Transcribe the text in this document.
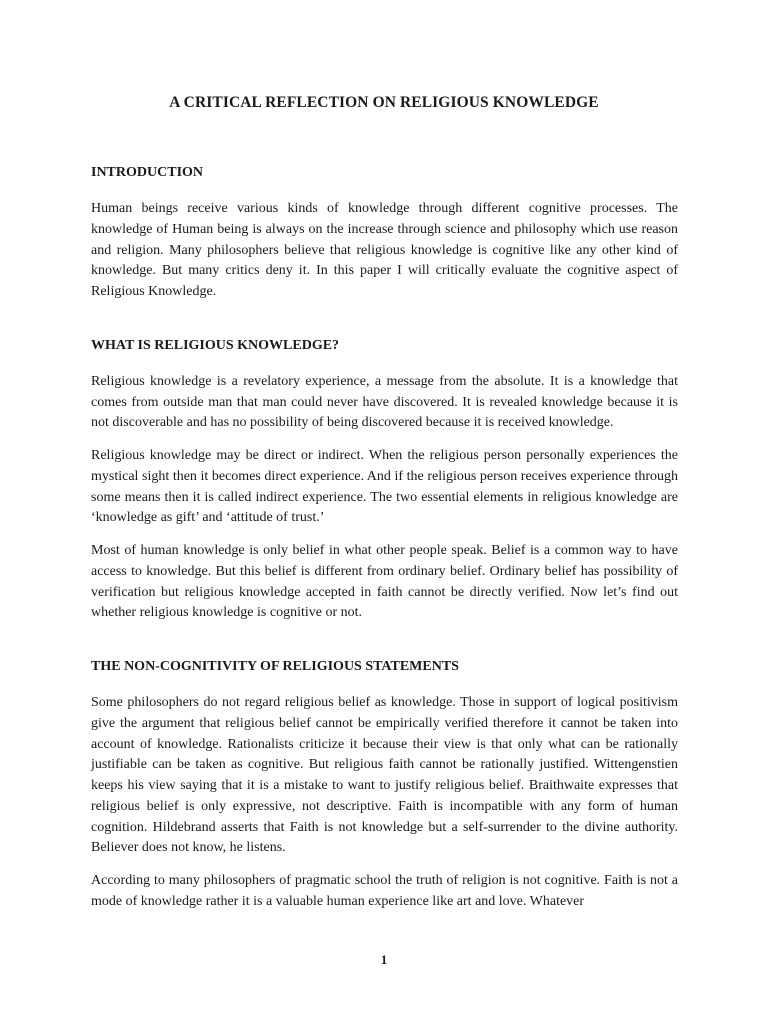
A CRITICAL REFLECTION ON RELIGIOUS KNOWLEDGE
INTRODUCTION

Human beings receive various kinds of knowledge through different cognitive processes. The knowledge of Human being is always on the increase through science and philosophy which use reason and religion. Many philosophers believe that religious knowledge is cognitive like any other kind of knowledge. But many critics deny it. In this paper I will critically evaluate the cognitive aspect of Religious Knowledge.

WHAT IS RELIGIOUS KNOWLEDGE?

Religious knowledge is a revelatory experience, a message from the absolute. It is a knowledge that comes from outside man that man could never have discovered. It is revealed knowledge because it is not discoverable and has no possibility of being discovered because it is received knowledge.

Religious knowledge may be direct or indirect. When the religious person personally experiences the mystical sight then it becomes direct experience. And if the religious person receives experience through some means then it is called indirect experience. The two essential elements in religious knowledge are ‘knowledge as gift’ and ‘attitude of trust.’

Most of human knowledge is only belief in what other people speak. Belief is a common way to have access to knowledge. But this belief is different from ordinary belief. Ordinary belief has possibility of verification but religious knowledge accepted in faith cannot be directly verified. Now let’s find out whether religious knowledge is cognitive or not.

THE NON-COGNITIVITY OF RELIGIOUS STATEMENTS

Some philosophers do not regard religious belief as knowledge. Those in support of logical positivism give the argument that religious belief cannot be empirically verified therefore it cannot be taken into account of knowledge. Rationalists criticize it because their view is that only what can be rationally justifiable can be taken as cognitive. But religious faith cannot be rationally justified. Wittengenstien keeps his view saying that it is a mistake to want to justify religious belief. Braithwaite expresses that religious belief is only expressive, not descriptive. Faith is incompatible with any form of human cognition. Hildebrand asserts that Faith is not knowledge but a self-surrender to the divine authority. Believer does not know, he listens.

According to many philosophers of pragmatic school the truth of religion is not cognitive. Faith is not a mode of knowledge rather it is a valuable human experience like art and love. Whatever

1
